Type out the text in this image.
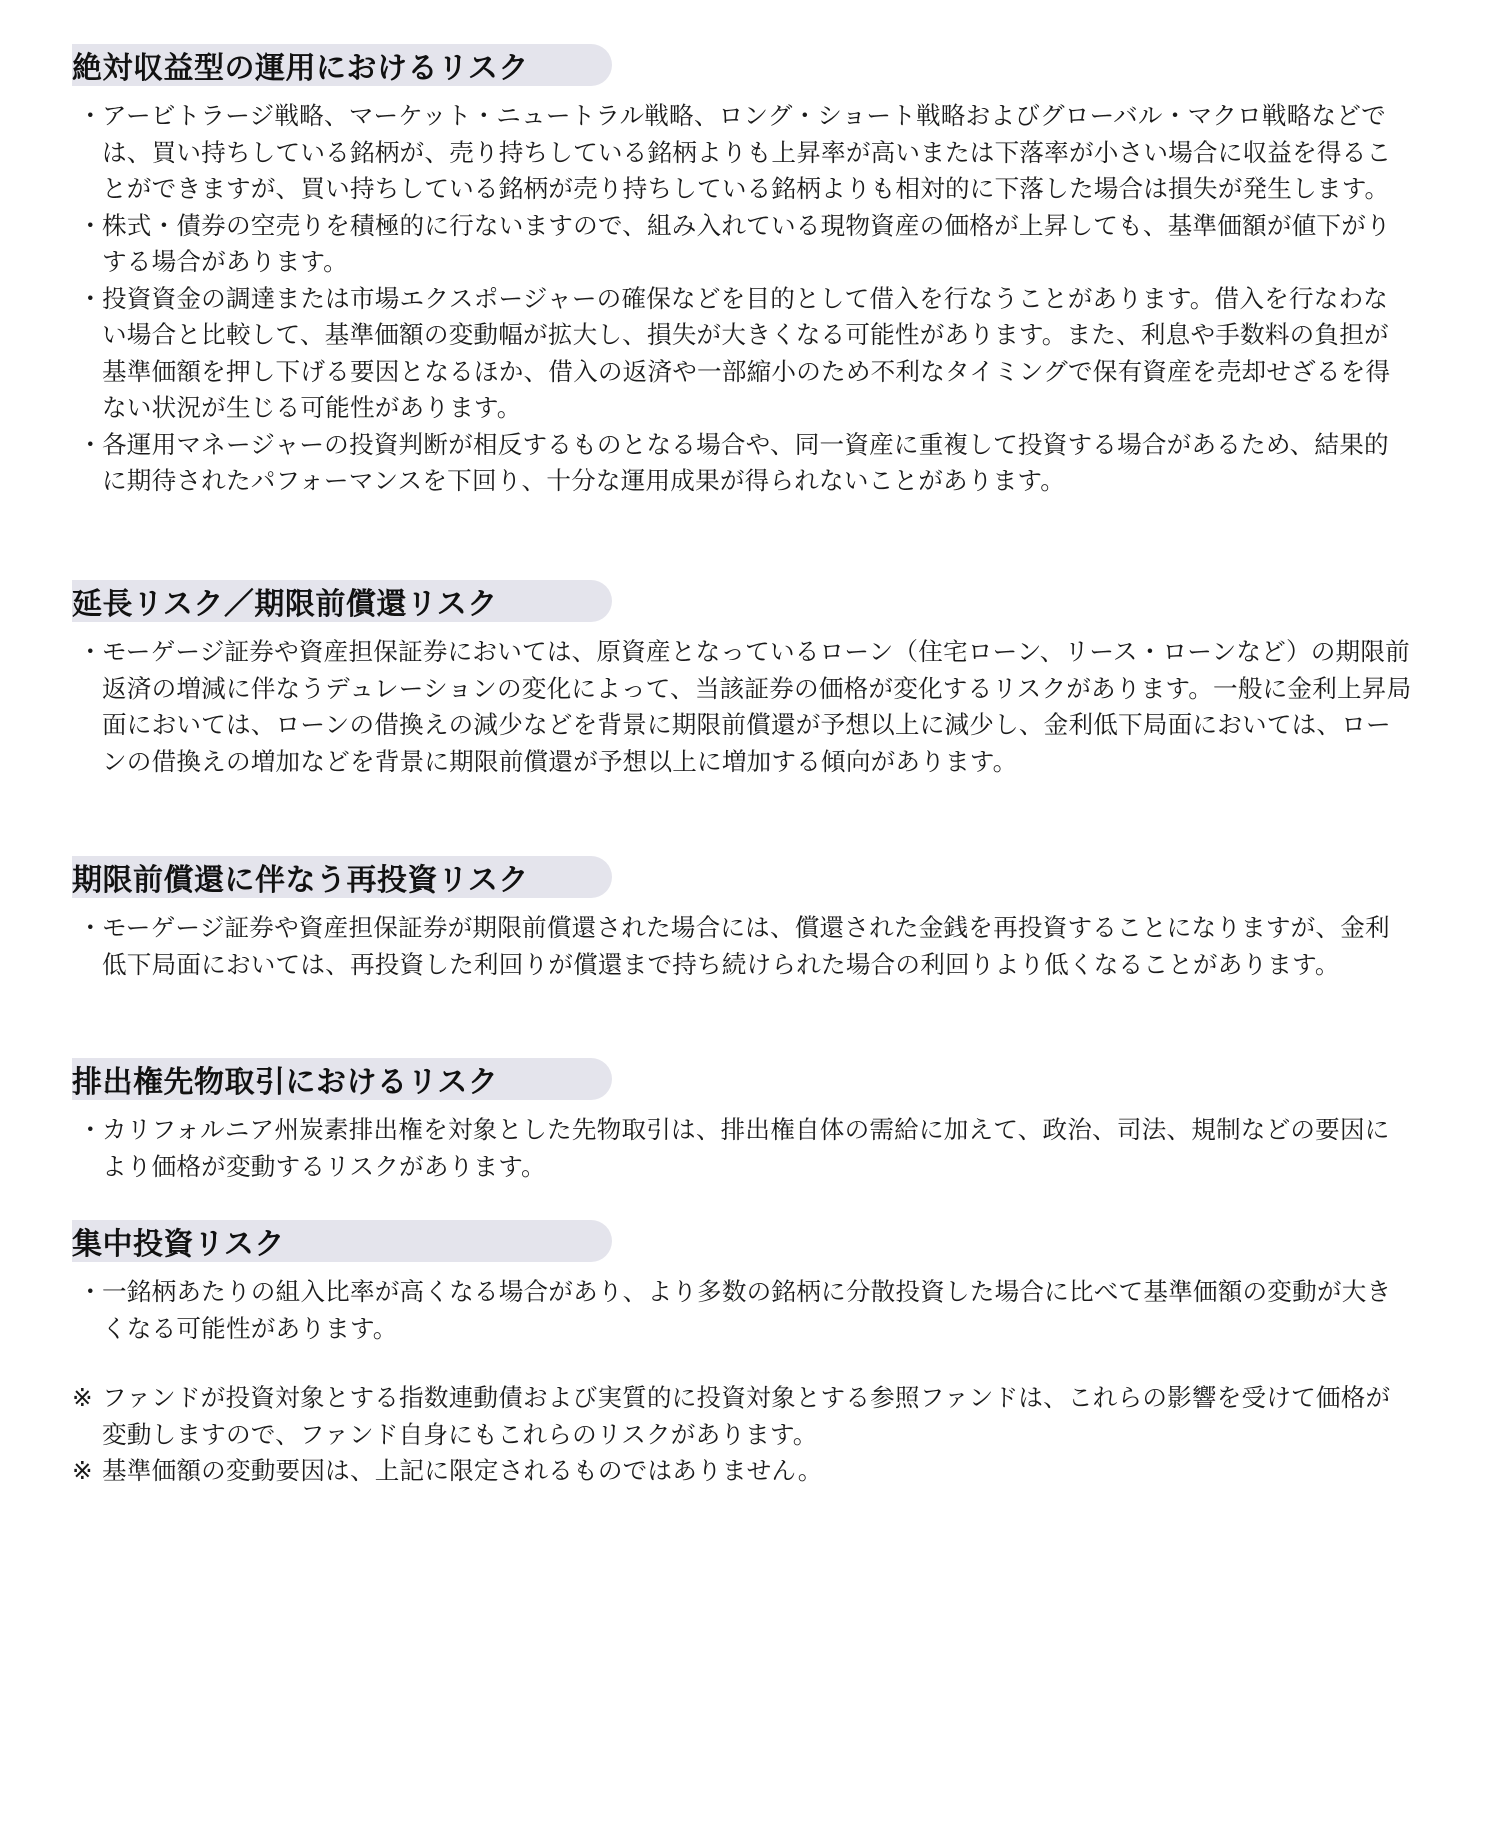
絶対収益型の運用におけるリスク
・ アービトラージ戦略、マーケット・ニュートラル戦略、ロング・ショート戦略およびグローバル・マクロ戦略などでは、買い持ちしている銘柄が、売り持ちしている銘柄よりも上昇率が高いまたは下落率が小さい場合に収益を得ることができますが、買い持ちしている銘柄が売り持ちしている銘柄よりも相対的に下落した場合は損失が発生します。
・ 株式・債券の空売りを積極的に行ないますので、組み入れている現物資産の価格が上昇しても、基準価額が値下がりする場合があります。
・ 投資資金の調達または市場エクスポージャーの確保などを目的として借入を行なうことがあります。借入を行なわない場合と比較して、基準価額の変動幅が拡大し、損失が大きくなる可能性があります。また、利息や手数料の負担が基準価額を押し下げる要因となるほか、借入の返済や一部縮小のため不利なタイミングで保有資産を売却せざるを得ない状況が生じる可能性があります。
・ 各運用マネージャーの投資判断が相反するものとなる場合や、同一資産に重複して投資する場合があるため、結果的に期待されたパフォーマンスを下回り、十分な運用成果が得られないことがあります。
延長リスク／期限前償還リスク
・ モーゲージ証券や資産担保証券においては、原資産となっているローン（住宅ローン、リース・ローンなど）の期限前返済の増減に伴なうデュレーションの変化によって、当該証券の価格が変化するリスクがあります。一般に金利上昇局面においては、ローンの借換えの減少などを背景に期限前償還が予想以上に減少し、金利低下局面においては、ローンの借換えの増加などを背景に期限前償還が予想以上に増加する傾向があります。
期限前償還に伴なう再投資リスク
・ モーゲージ証券や資産担保証券が期限前償還された場合には、償還された金銭を再投資することになりますが、金利低下局面においては、再投資した利回りが償還まで持ち続けられた場合の利回りより低くなることがあります。
排出権先物取引におけるリスク
・ カリフォルニア州炭素排出権を対象とした先物取引は、排出権自体の需給に加えて、政治、司法、規制などの要因により価格が変動するリスクがあります。
集中投資リスク
・ 一銘柄あたりの組入比率が高くなる場合があり、より多数の銘柄に分散投資した場合に比べて基準価額の変動が大きくなる可能性があります。
※ ファンドが投資対象とする指数連動債および実質的に投資対象とする参照ファンドは、これらの影響を受けて価格が変動しますので、ファンド自身にもこれらのリスクがあります。
※ 基準価額の変動要因は、上記に限定されるものではありません。
